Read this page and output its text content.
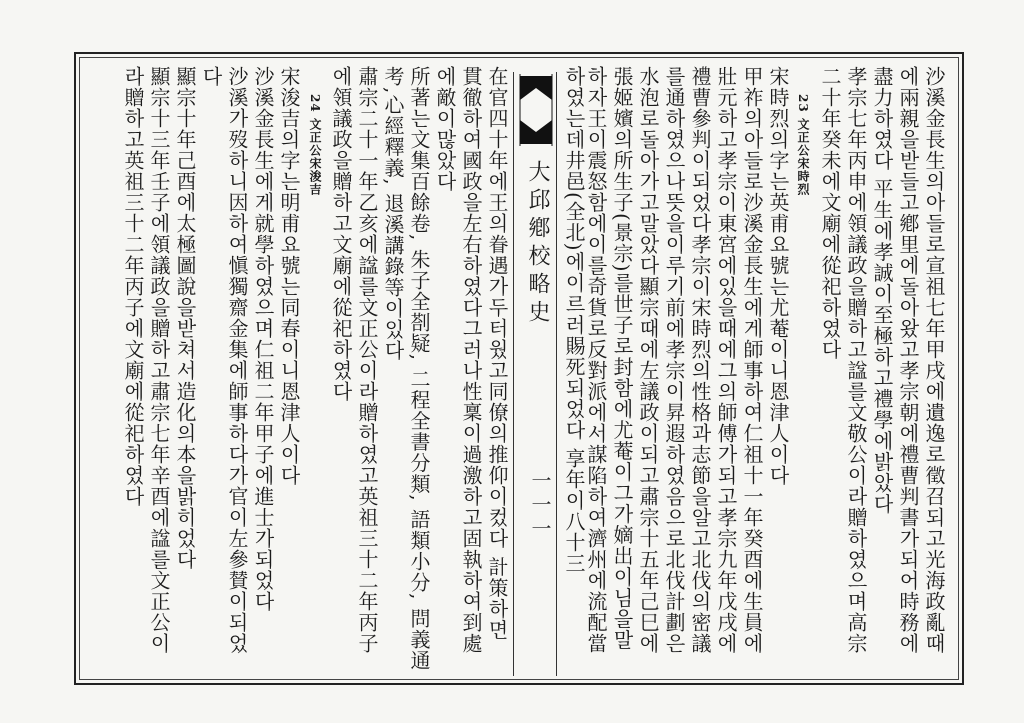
大邱鄕校略史
一一一	沙溪金長生의아들로宣祖七年甲戌에遺逸로徵召되고光海政亂때
에兩親을받들고鄕里에돌아왔고孝宗朝에禮曹判書가되어時務에
盡力하였다 平生에孝誠이至極하고禮學에밝았다
孝宗七年丙申에領議政을贈하고諡를文敬公이라贈하였으며高宗
二十年癸未에文廟에從祀하였다
23 文正公宋時烈
宋時烈의字는英甫요號는尤菴이니恩津人이다
甲祚의아들로沙溪金長生에게師事하여仁祖十一年癸酉에生員에
壯元하고孝宗이東宮에있을때에그의師傅가되고孝宗九年戊戌에
禮曹參判이되었다孝宗이宋時烈의性格과志節을알고北伐의密議
를通하였으나뜻을이루기前에孝宗이昇遐하였음으로北伐計劃은
水泡로돌아가고말았다顯宗때에左議政이되고肅宗十五年己巳에
張姬嬪의所生子(景宗)를世子로封함에尤菴이그가嫡出이님을말
하자王이震怒함에이를奇貨로反對派에서謀陷하여濟州에流配當
하였는데井邑(全北)에이르러賜死되었다 享年이八十三
在官四十年에王의眷遇가두터웠고同僚의推仰이컸다 計策하면
貫徹하여國政을左右하였다그러나性稟이過激하고固執하여到處
에敵이많았다
所著는文集百餘卷, 朱子全剳疑, 二程全書分類, 語類小分, 問義通
考,心經釋義, 退溪講錄等이있다
肅宗二十一年乙亥에諡를文正公이라贈하였고英祖三十二年丙子
에領議政을贈하고文廟에從祀하였다
24 文正公宋浚吉
宋浚吉의字는明甫요號는同春이니恩津人이다
沙溪金長生에게就學하였으며仁祖二年甲子에進士가되었다
沙溪가歿하니因하여愼獨齋金集에師事하다가官이左參賛이되었
다
顯宗十年己酉에太極圖說을받쳐서造化의本을밝히었다
顯宗十三年壬子에領議政을贈하고肅宗七年辛酉에諡를文正公이
라贈하고英祖三十二年丙子에文廟에從祀하였다
